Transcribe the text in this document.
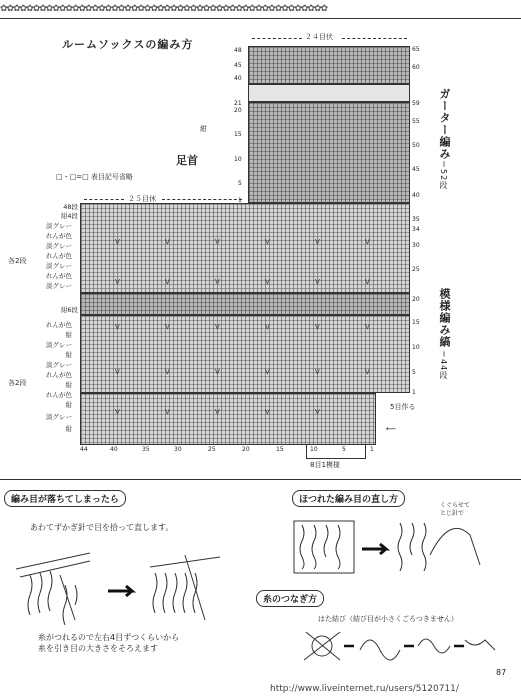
✿✿✿✿✿✿✿✿✿✿✿✿✿✿✿✿✿✿✿✿✿✿✿✿✿✿✿✿✿✿✿✿✿✿✿✿✿✿✿✿✿✿✿✿✿✿✿✿✿✿
ルームソックスの編み方
２４目伏
V	V	V	V	V	V
V	V	V	V	V	V
V	V	V	V	V	V
V	V	V	V	V	V
V	V	V	V	V
48
45
40
21
20
15
10
5
1
紺
65
60
59
55
50
45
40
35
34
30
25
20
15
10
5
1
ガーター編み
＝52段
模様編み縞
＝44段
足首
□・□=□ 表目記号省略
２５目休
48段
紺4段
淡グレー
れんが色
淡グレー
れんが色
淡グレー
れんが色
淡グレー
各2段
紺6段
れんが色
紺
淡グレー
紺
淡グレー
れんが色
紺
れんが色
紺
淡グレー
紺
各2段
5目作る
⟵
44	40	35	30	25	20	15	10	5	1
8目1模様
編み目が落ちてしまったら
あわてずかぎ針で目を拾って直します。
糸がつれるので左右4目ずつくらいから
糸を引き目の大きさをそろえます
ほつれた編み目の直し方
くぐらせて
とじ針で
糸のつなぎ方
はた結び（結び目が小さくごろつきません）
87
http://www.liveinternet.ru/users/5120711/
